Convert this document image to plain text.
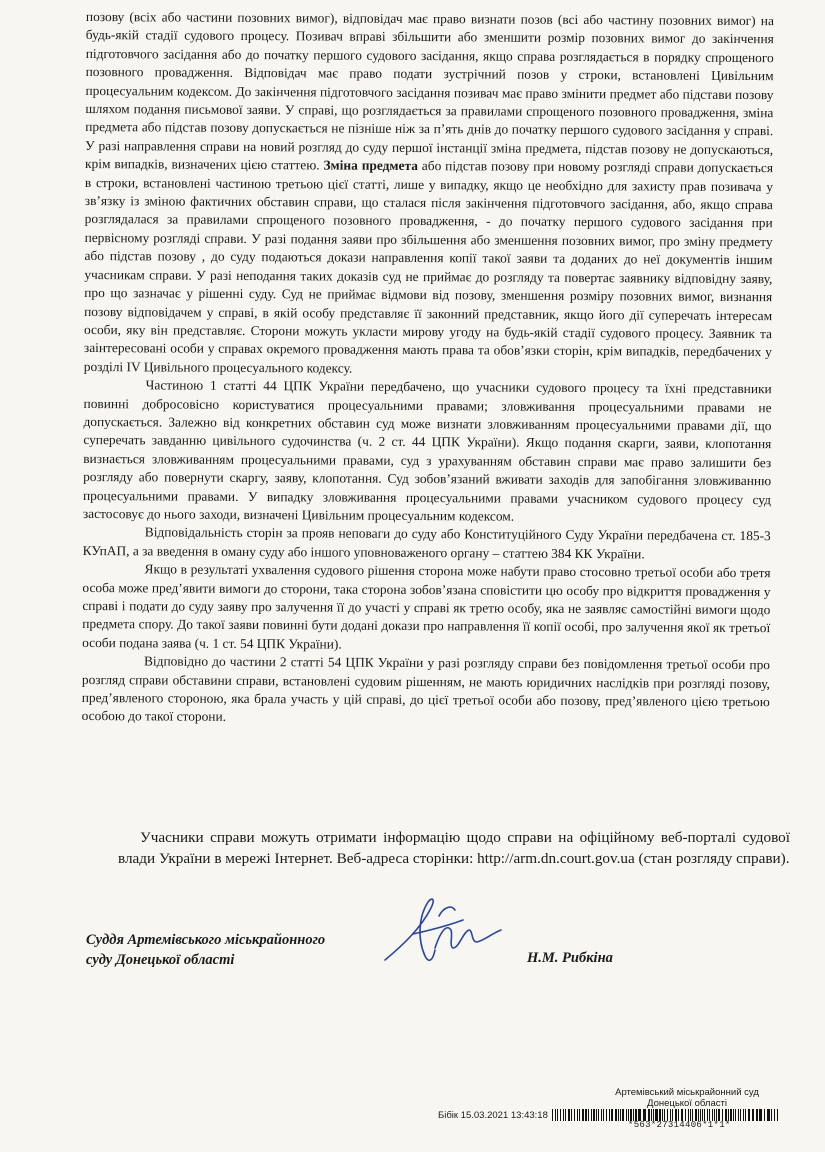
позову (всіх або частини позовних вимог), відповідач має право визнати позов (всі або частину позовних вимог) на будь-якій стадії судового процесу. Позивач вправі збільшити або зменшити розмір позовних вимог до закінчення підготовчого засідання або до початку першого судового засідання, якщо справа розглядається в порядку спрощеного позовного провадження. Відповідач має право подати зустрічний позов у строки, встановлені Цивільним процесуальним кодексом. До закінчення підготовчого засідання позивач має право змінити предмет або підстави позову шляхом подання письмової заяви. У справі, що розглядається за правилами спрощеного позовного провадження, зміна предмета або підстав позову допускається не пізніше ніж за п’ять днів до початку першого судового засідання у справі. У разі направлення справи на новий розгляд до суду першої інстанції зміна предмета, підстав позову не допускаються, крім випадків, визначених цією статтею. Зміна предмета або підстав позову при новому розгляді справи допускається в строки, встановлені частиною третьою цієї статті, лише у випадку, якщо це необхідно для захисту прав позивача у зв’язку із зміною фактичних обставин справи, що сталася після закінчення підготовчого засідання, або, якщо справа розглядалася за правилами спрощеного позовного провадження, - до початку першого судового засідання при первісному розгляді справи. У разі подання заяви про збільшення або зменшення позовних вимог, про зміну предмету або підстав позову , до суду подаються докази направлення копії такої заяви та доданих до неї документів іншим учасникам справи. У разі неподання таких доказів суд не приймає до розгляду та повертає заявнику відповідну заяву, про що зазначає у рішенні суду. Суд не приймає відмови від позову, зменшення розміру позовних вимог, визнання позову відповідачем у справі, в якій особу представляє її законний представник, якщо його дії суперечать інтересам особи, яку він представляє. Сторони можуть укласти мирову угоду на будь-якій стадії судового процесу. Заявник та заінтересовані особи у справах окремого провадження мають права та обов’язки сторін, крім випадків, передбачених у розділі IV Цивільного процесуального кодексу.

Частиною 1 статті 44 ЦПК України передбачено, що учасники судового процесу та їхні представники повинні добросовісно користуватися процесуальними правами; зловживання процесуальними правами не допускається. Залежно від конкретних обставин суд може визнати зловживанням процесуальними правами дії, що суперечать завданню цивільного судочинства (ч. 2 ст. 44 ЦПК України). Якщо подання скарги, заяви, клопотання визнається зловживанням процесуальними правами, суд з урахуванням обставин справи має право залишити без розгляду або повернути скаргу, заяву, клопотання. Суд зобов’язаний вживати заходів для запобігання зловживанню процесуальними правами. У випадку зловживання процесуальними правами учасником судового процесу суд застосовує до нього заходи, визначені Цивільним процесуальним кодексом.

Відповідальність сторін за прояв неповаги до суду або Конституційного Суду України передбачена ст. 185-3 КУпАП, а за введення в оману суду або іншого уповноваженого органу – статтею 384 КК України.

Якщо в результаті ухвалення судового рішення сторона може набути право стосовно третьої особи або третя особа може пред’явити вимоги до сторони, така сторона зобов’язана сповістити цю особу про відкриття провадження у справі і подати до суду заяву про залучення її до участі у справі як третю особу, яка не заявляє самостійні вимоги щодо предмета спору. До такої заяви повинні бути додані докази про направлення її копії особі, про залучення якої як третьої особи подана заява (ч. 1 ст. 54 ЦПК України).

Відповідно до частини 2 статті 54 ЦПК України у разі розгляду справи без повідомлення третьої особи про розгляд справи обставини справи, встановлені судовим рішенням, не мають юридичних наслідків при розгляді позову, пред’явленого стороною, яка брала участь у цій справі, до цієї третьої особи або позову, пред’явленого цією третьою особою до такої сторони.

Учасники справи можуть отримати інформацію щодо справи на офіційному веб-порталі судової влади України в мережі Інтернет. Веб-адреса сторінки: http://arm.dn.court.gov.ua (стан розгляду справи).
Суддя Артемівського міськрайонного
суду Донецької області	Н.М. Рибкіна
Артемівський міськрайонний суд
Донецької області
Бібік 15.03.2021 13:43:18
*563*27314406*1*1*
